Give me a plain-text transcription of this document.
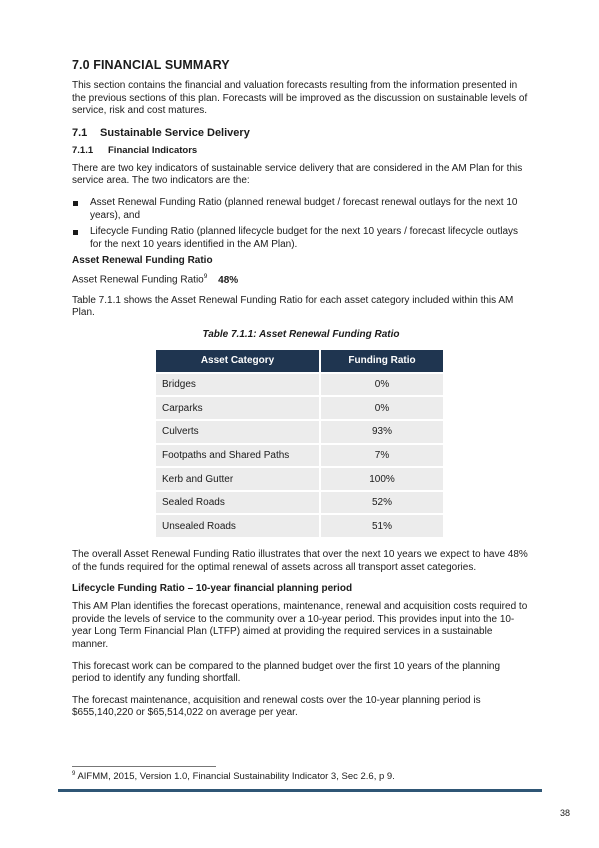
7.0 FINANCIAL SUMMARY

This section contains the financial and valuation forecasts resulting from the information presented in the previous sections of this plan. Forecasts will be improved as the discussion on sustainable levels of service, risk and cost matures.

7.1	Sustainable Service Delivery
7.1.1	Financial Indicators

There are two key indicators of sustainable service delivery that are considered in the AM Plan for this service area. The two indicators are the:

Asset Renewal Funding Ratio (planned renewal budget / forecast renewal outlays for the next 10 years), and
Lifecycle Funding Ratio (planned lifecycle budget for the next 10 years / forecast lifecycle outlays for the next 10 years identified in the AM Plan).
Asset Renewal Funding Ratio
Asset Renewal Funding Ratio$^9$ 48%

Table 7.1.1 shows the Asset Renewal Funding Ratio for each asset category included within this AM Plan.

Table 7.1.1: Asset Renewal Funding Ratio
Asset Category	Funding Ratio
Bridges	0%
Carparks	0%
Culverts	93%
Footpaths and Shared Paths	7%
Kerb and Gutter	100%
Sealed Roads	52%
Unsealed Roads	51%

The overall Asset Renewal Funding Ratio illustrates that over the next 10 years we expect to have 48% of the funds required for the optimal renewal of assets across all transport asset categories.

Lifecycle Funding Ratio – 10-year financial planning period

This AM Plan identifies the forecast operations, maintenance, renewal and acquisition costs required to provide the levels of service to the community over a 10-year period. This provides input into the 10-year Long Term Financial Plan (LTFP) aimed at providing the required services in a sustainable manner.

This forecast work can be compared to the planned budget over the first 10 years of the planning period to identify any funding shortfall.

The forecast maintenance, acquisition and renewal costs over the 10-year planning period is $655,140,220 or $65,514,022 on average per year.

$^9$ AIFMM, 2015, Version 1.0, Financial Sustainability Indicator 3, Sec 2.6, p 9.
38
